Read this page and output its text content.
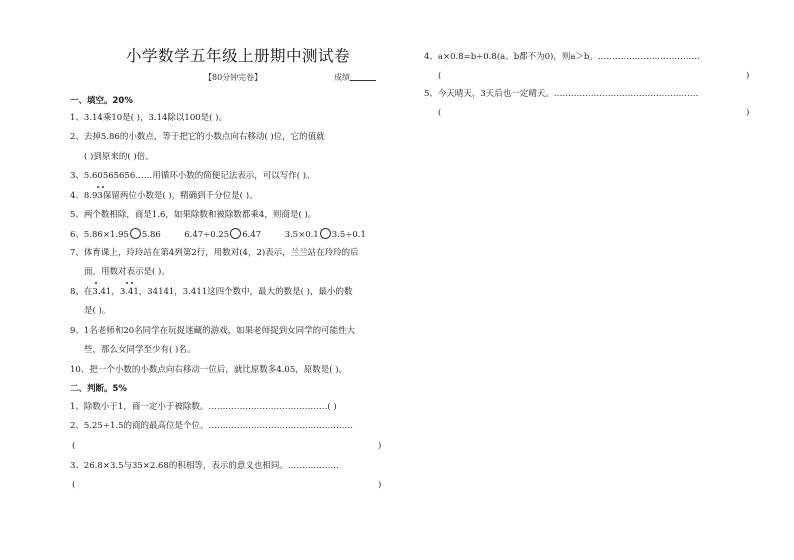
小学数学五年级上册期中测试卷
【80分钟完卷】	成绩
一、填空。20%
1、3.14乘10是( )，3.14除以100是( )。
2、去掉5.86的小数点，等于把它的小数点向右移动( )位，它的值就
( )到原来的( )倍。
3、5.60565656……用循环小数的简便记法表示，可以写作( )。
4、8.93保留两位小数是( )，精确到千分位是( )。
5、两个数相除，商是1.6，如果除数和被除数都乘4，则商是( )。
6、5.86×1.95 5.86	6.47÷0.25 6.47	3.5×0.1 3.5÷0.1
7、体育课上，玲玲站在第4列第2行，用数对(4，2)表示，兰兰站在玲玲的后
面，用数对表示是( )。
8、在3.41，3.41，34141，3.411这四个数中，最大的数是( )，最小的数
是( )。
9、1名老师和20名同学在玩捉迷藏的游戏，如果老师捉到女同学的可能性大
些，那么女同学至少有( )名。
10、把一个小数的小数点向右移动一位后，就比原数多4.05，原数是( )。
二、判断。5%
1、除数小于1，商一定小于被除数。……………………………………( )
2、5.25÷1.5的商的最高位是个位。……………………………………………
(	)
3、26.8×3.5与35×2.68的积相等，表示的意义也相同。………………
(	)
4、a×0.8=b÷0.8(a、b都不为0)，则a＞b。………………………………
(	)
5、今天晴天，3天后也一定晴天。……………………………………………
(	)
